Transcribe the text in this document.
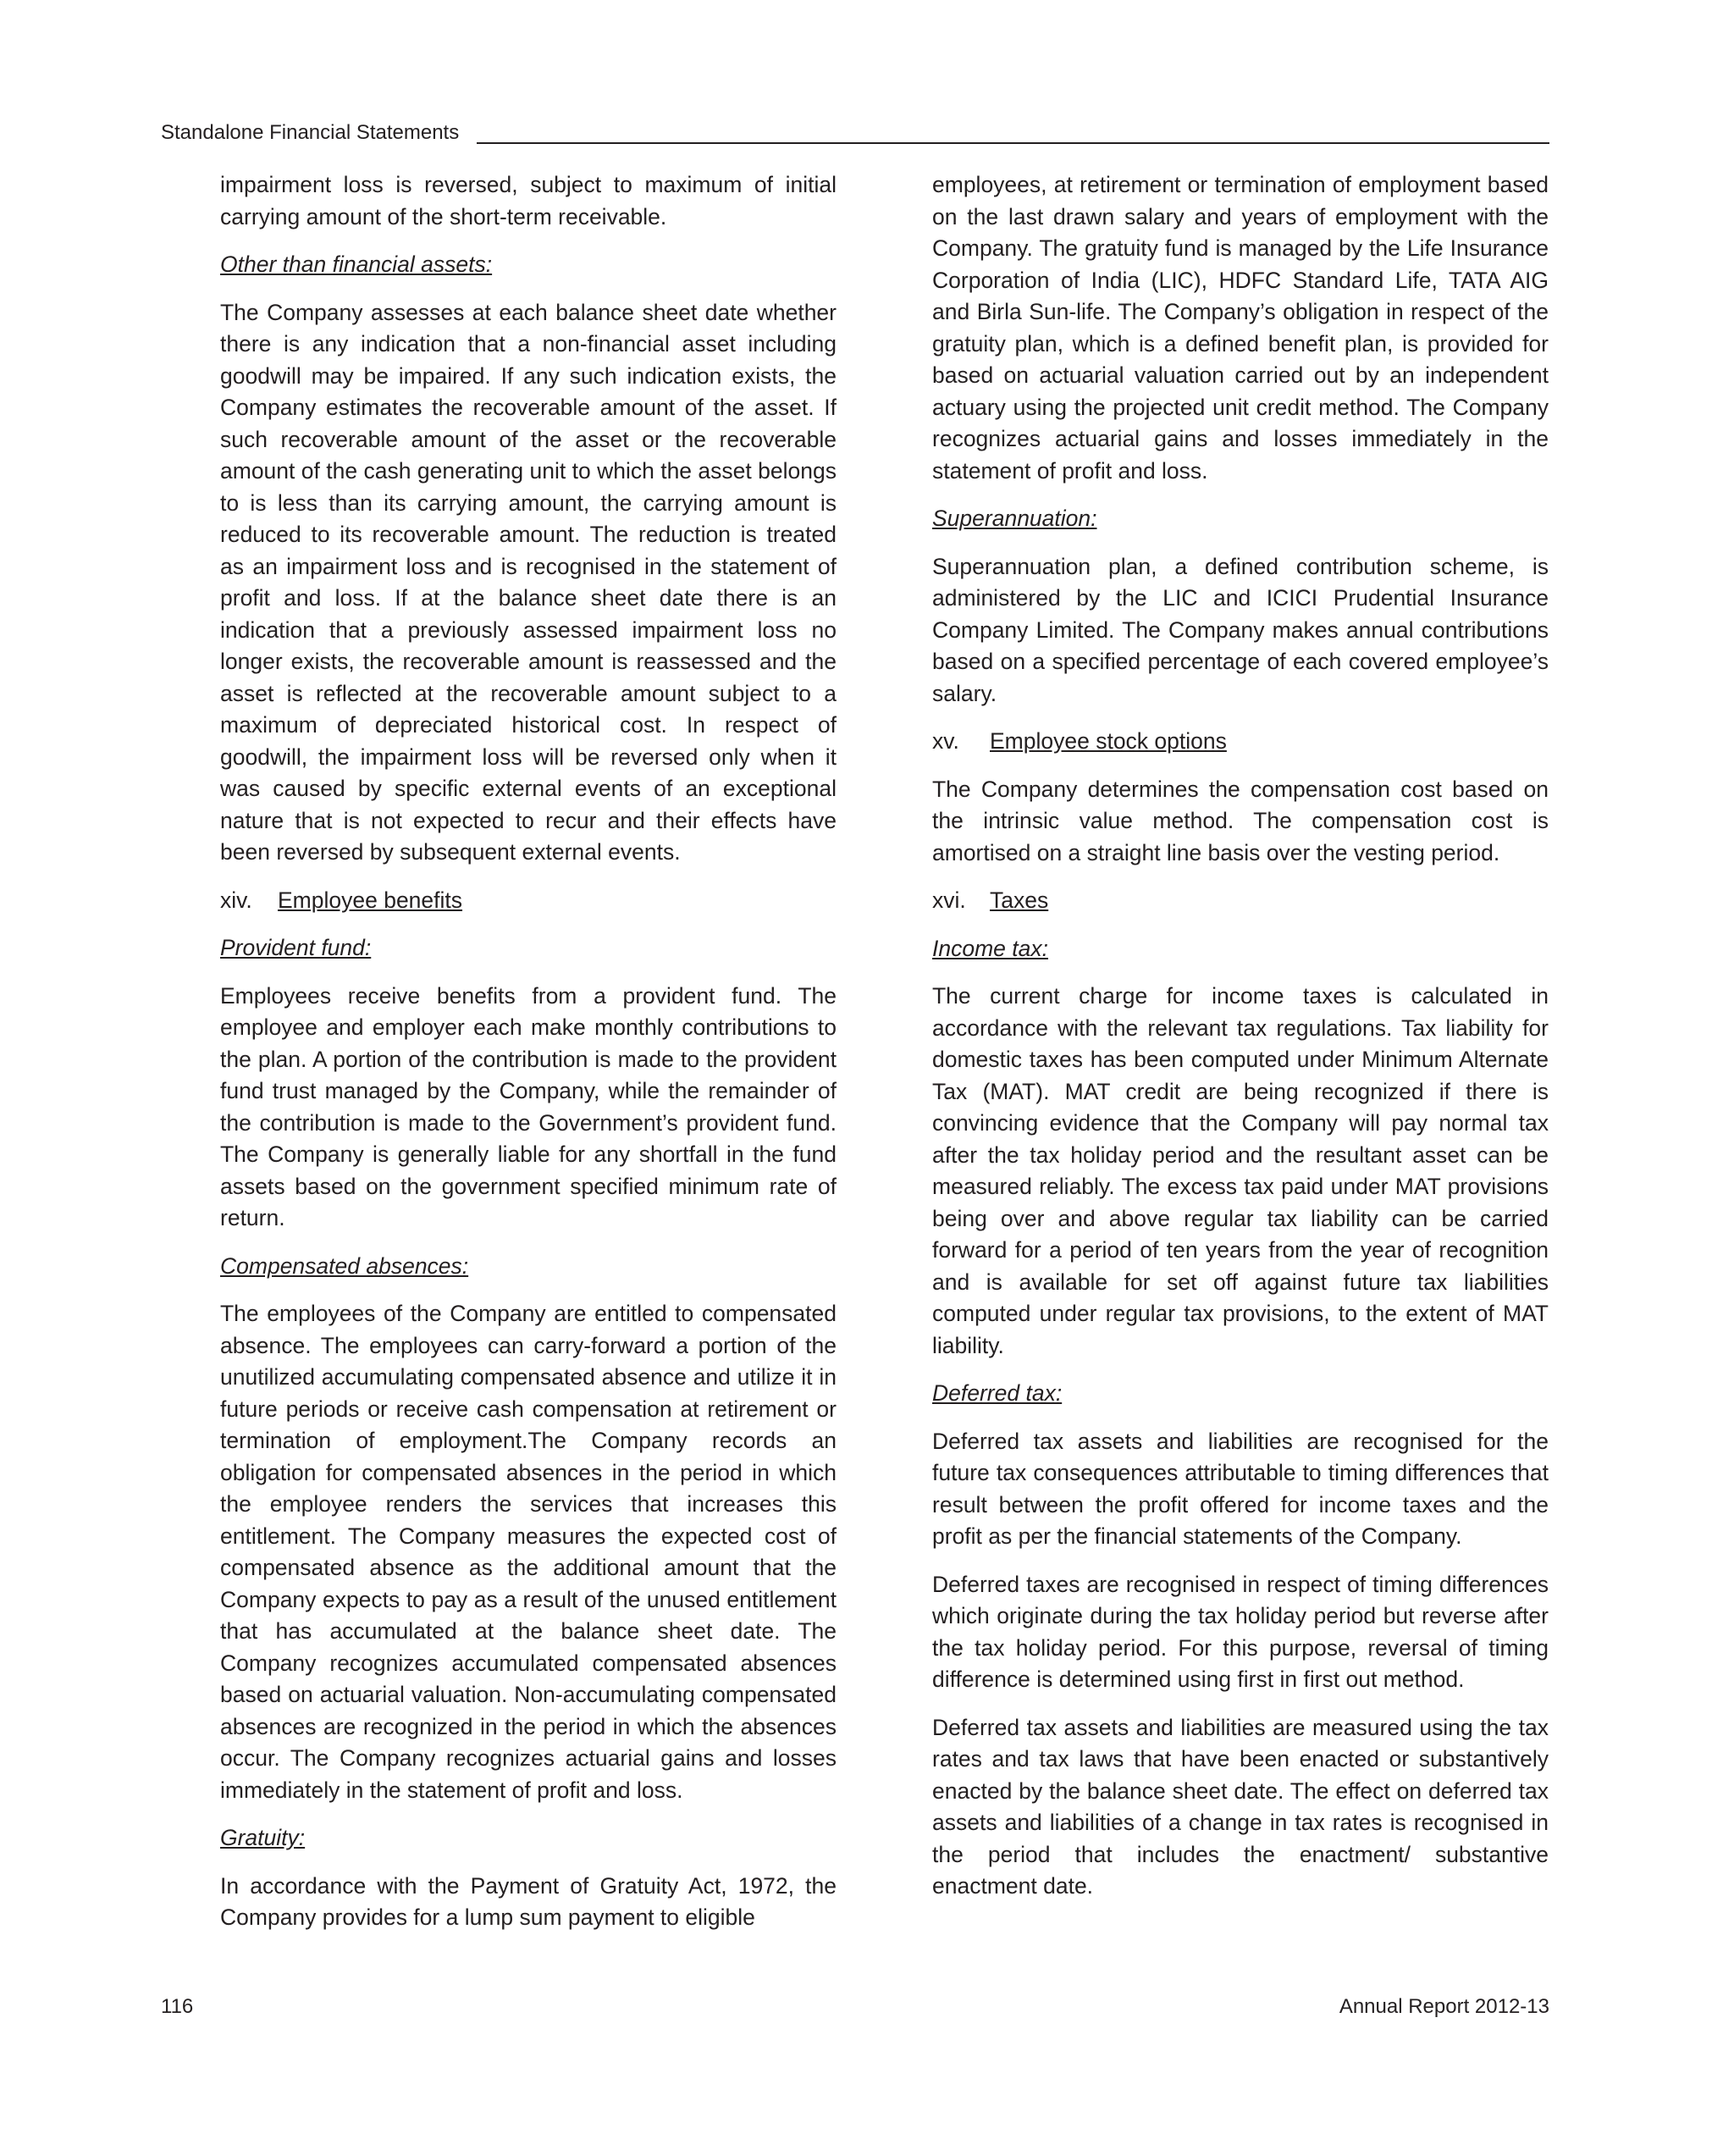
Standalone Financial Statements

impairment loss is reversed, subject to maximum of initial carrying amount of the short-term receivable.

Other than financial assets:

The Company assesses at each balance sheet date whether there is any indication that a non-financial asset including goodwill may be impaired. If any such indication exists, the Company estimates the recoverable amount of the asset. If such recoverable amount of the asset or the recoverable amount of the cash generating unit to which the asset belongs to is less than its carrying amount, the carrying amount is reduced to its recoverable amount. The reduction is treated as an impairment loss and is recognised in the statement of profit and loss. If at the balance sheet date there is an indication that a previously assessed impairment loss no longer exists, the recoverable amount is reassessed and the asset is reflected at the recoverable amount subject to a maximum of depreciated historical cost. In respect of goodwill, the impairment loss will be reversed only when it was caused by specific external events of an exceptional nature that is not expected to recur and their effects have been reversed by subsequent external events.

xiv. Employee benefits

Provident fund:

Employees receive benefits from a provident fund. The employee and employer each make monthly contributions to the plan. A portion of the contribution is made to the provident fund trust managed by the Company, while the remainder of the contribution is made to the Government’s provident fund. The Company is generally liable for any shortfall in the fund assets based on the government specified minimum rate of return.

Compensated absences:

The employees of the Company are entitled to compensated absence. The employees can carry-forward a portion of the unutilized accumulating compensated absence and utilize it in future periods or receive cash compensation at retirement or termination of employment.The Company records an obligation for compensated absences in the period in which the employee renders the services that increases this entitlement. The Company measures the expected cost of compensated absence as the additional amount that the Company expects to pay as a result of the unused entitlement that has accumulated at the balance sheet date. The Company recognizes accumulated compensated absences based on actuarial valuation. Non-accumulating compensated absences are recognized in the period in which the absences occur. The Company recognizes actuarial gains and losses immediately in the statement of profit and loss.

Gratuity:

In accordance with the Payment of Gratuity Act, 1972, the Company provides for a lump sum payment to eligible

employees, at retirement or termination of employment based on the last drawn salary and years of employment with the Company. The gratuity fund is managed by the Life Insurance Corporation of India (LIC), HDFC Standard Life, TATA AIG and Birla Sun-life. The Company’s obligation in respect of the gratuity plan, which is a defined benefit plan, is provided for based on actuarial valuation carried out by an independent actuary using the projected unit credit method. The Company recognizes actuarial gains and losses immediately in the statement of profit and loss.

Superannuation:

Superannuation plan, a defined contribution scheme, is administered by the LIC and ICICI Prudential Insurance Company Limited. The Company makes annual contributions based on a specified percentage of each covered employee’s salary.

xv. Employee stock options

The Company determines the compensation cost based on the intrinsic value method. The compensation cost is amortised on a straight line basis over the vesting period.

xvi. Taxes

Income tax:

The current charge for income taxes is calculated in accordance with the relevant tax regulations. Tax liability for domestic taxes has been computed under Minimum Alternate Tax (MAT). MAT credit are being recognized if there is convincing evidence that the Company will pay normal tax after the tax holiday period and the resultant asset can be measured reliably. The excess tax paid under MAT provisions being over and above regular tax liability can be carried forward for a period of ten years from the year of recognition and is available for set off against future tax liabilities computed under regular tax provisions, to the extent of MAT liability.

Deferred tax:

Deferred tax assets and liabilities are recognised for the future tax consequences attributable to timing differences that result between the profit offered for income taxes and the profit as per the financial statements of the Company.

Deferred taxes are recognised in respect of timing differences which originate during the tax holiday period but reverse after the tax holiday period. For this purpose, reversal of timing difference is determined using first in first out method.

Deferred tax assets and liabilities are measured using the tax rates and tax laws that have been enacted or substantively enacted by the balance sheet date. The effect on deferred tax assets and liabilities of a change in tax rates is recognised in the period that includes the enactment/ substantive enactment date.

116	Annual Report 2012-13
